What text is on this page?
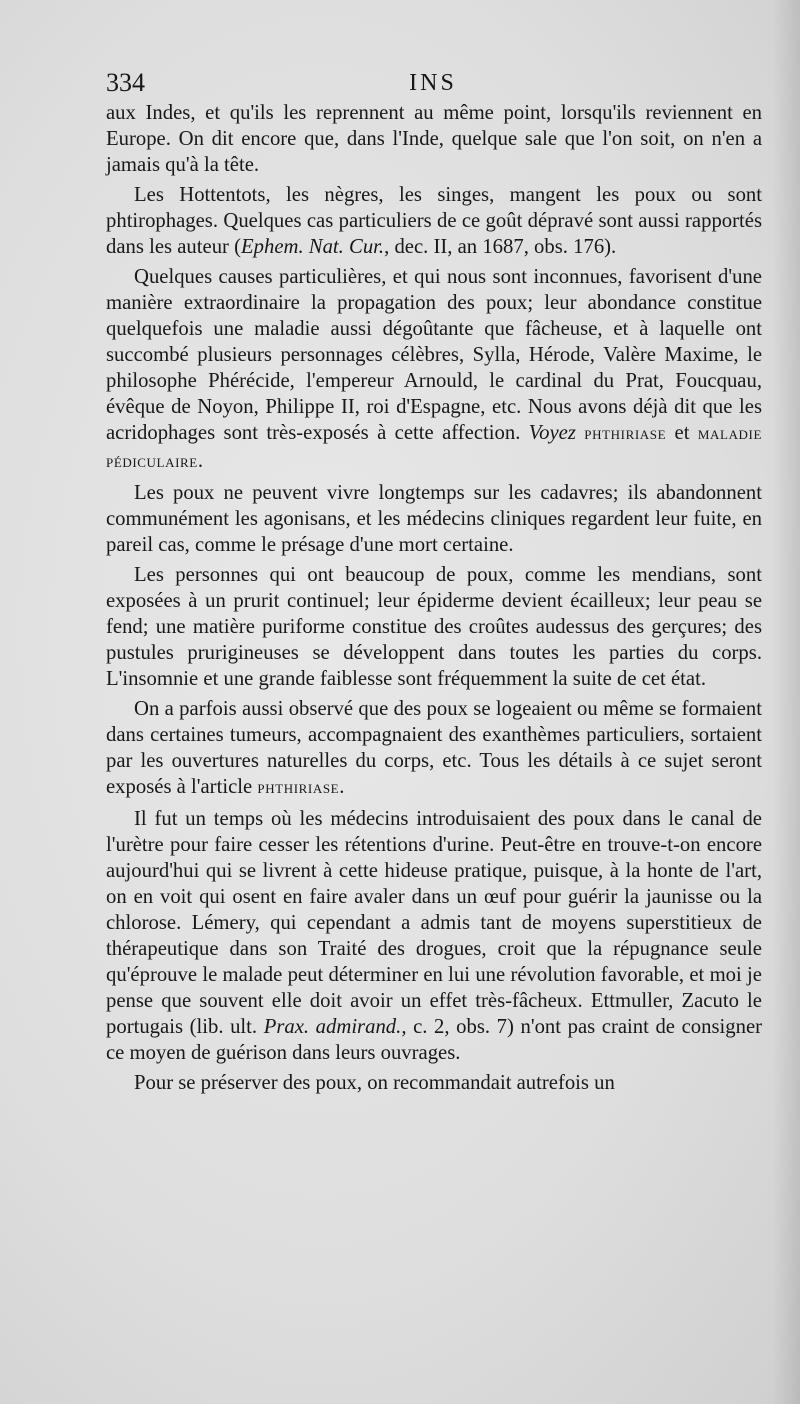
334	INS

aux Indes, et qu'ils les reprennent au même point, lorsqu'ils reviennent en Europe. On dit encore que, dans l'Inde, quelque sale que l'on soit, on n'en a jamais qu'à la tête.

Les Hottentots, les nègres, les singes, mangent les poux ou sont phtirophages. Quelques cas particuliers de ce goût dépravé sont aussi rapportés dans les auteur (Ephem. Nat. Cur., dec. II, an 1687, obs. 176).

Quelques causes particulières, et qui nous sont inconnues, favorisent d'une manière extraordinaire la propagation des poux; leur abondance constitue quelquefois une maladie aussi dégoûtante que fâcheuse, et à laquelle ont succombé plusieurs personnages célèbres, Sylla, Hérode, Valère Maxime, le philosophe Phérécide, l'empereur Arnould, le cardinal du Prat, Foucquau, évêque de Noyon, Philippe II, roi d'Espagne, etc. Nous avons déjà dit que les acridophages sont très-exposés à cette affection. Voyez PHTHIRIASE et MALADIE PÉDICULAIRE.

Les poux ne peuvent vivre longtemps sur les cadavres; ils abandonnent communément les agonisans, et les médecins cliniques regardent leur fuite, en pareil cas, comme le présage d'une mort certaine.

Les personnes qui ont beaucoup de poux, comme les mendians, sont exposées à un prurit continuel; leur épiderme devient écailleux; leur peau se fend; une matière puriforme constitue des croûtes audessus des gerçures; des pustules prurigineuses se développent dans toutes les parties du corps. L'insomnie et une grande faiblesse sont fréquemment la suite de cet état.

On a parfois aussi observé que des poux se logeaient ou même se formaient dans certaines tumeurs, accompagnaient des exanthèmes particuliers, sortaient par les ouvertures naturelles du corps, etc. Tous les détails à ce sujet seront exposés à l'article PHTHIRIASE.

Il fut un temps où les médecins introduisaient des poux dans le canal de l'urètre pour faire cesser les rétentions d'urine. Peut-être en trouve-t-on encore aujourd'hui qui se livrent à cette hideuse pratique, puisque, à la honte de l'art, on en voit qui osent en faire avaler dans un œuf pour guérir la jaunisse ou la chlorose. Lémery, qui cependant a admis tant de moyens superstitieux de thérapeutique dans son Traité des drogues, croit que la répugnance seule qu'éprouve le malade peut déterminer en lui une révolution favorable, et moi je pense que souvent elle doit avoir un effet très-fâcheux. Ettmuller, Zacuto le portugais (lib. ult. Prax. admirand., c. 2, obs. 7) n'ont pas craint de consigner ce moyen de guérison dans leurs ouvrages.

Pour se préserver des poux, on recommandait autrefois un
